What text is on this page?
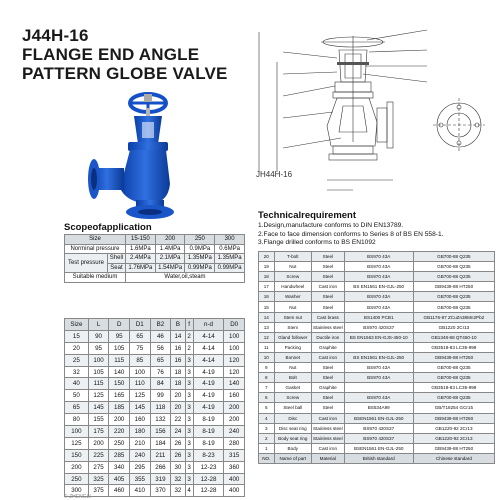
J44H-16
FLANGE END ANGLE
PATTERN GLOBE VALVE
JH44H-16
Scopeofapplication
Size		15-150	200	250	300
Norminal pressure		1.6MPa	1.4MPa	0.9MPa	0.6MPa
Test pressure	Shell	2.4MPa	2.1MPa	1.35MPa	1.35MPa
	Seat	1.76MPa	1.54MPa	0.99MPa	0.99MPa
Suitable medium		Water,oil,steam			
Size	L	D	D1	B2	B	f	n-d	D0
15	90	95	65	46	14	2	4-14	100
20	95	105	75	56	16	2	4-14	100
25	100	115	85	65	16	3	4-14	120
32	105	140	100	76	18	3	4-19	120
40	115	150	110	84	18	3	4-19	140
50	125	165	125	99	20	3	4-19	160
65	145	185	145	118	20	3	4-19	200
80	155	200	160	132	22	3	8-19	200
100	175	220	180	156	24	3	8-19	240
125	200	250	210	184	26	3	8-19	280
150	225	285	240	211	26	3	8-23	315
200	275	340	295	266	30	3	12-23	360
250	325	405	355	319	32	3	12-28	400
300	375	460	410	370	32	4	12-28	400
Technicalrequirement
1.Design,manufacture conforms to DIN EN13789.
2.Face to face dimension conforms to Series 8 of BS EN 558-1.
3.Flange drilled conforms to BS EN1092
20	T-bolt	Steel	BS970 43A	GB700-88 Q235
19	Nut	Steel	BS970 43A	GB700-88 Q235
18	Screw	Steel	BS970 43A	GB700-88 Q235
17	Handwheel	Cast iron	BS EN1561 EN-GJL-250	GB9439-88 HT250
16	Washer	Steel	BS970 43A	GB700-88 Q235
15	Nut	Steel	BS970 43A	GB700-88 Q235
14	Stem nut	Cast brass	BS1400 PCB1	GB1176-87 ZCuZn38Mn2Pb2
13	Stem	Stainless steel	BS970 420S37	GB1220 2Cr13
12	Gland follower	Ductile iron	BS EN1563 EN-GJS-450-10	GB1348-88 QT450-10
11	Packing	Graphite		GB3518-83 LC35-999
10	Bonnet	Cast iron	BS EN1561 EN-GJL-250	GB9439-88 HT250
9	Nut	Steel	BS970 43A	GB700-88 Q235
8	Bolt	Steel	BS970 43A	GB700-88 Q235
7	Gasket	Graphite		GB3518-83 LC35-999
6	Screw	Steel	BS970 43A	GB700-88 Q235
5	Steel ball	Steel	BS534A99	GB/T18254 GCr15
4	Disc	Cast iron	BSEN1561 EN-GJL-250	GB9439-88 HT250
3	Disc seat ring	Stainless steel	BS970 420S37	GB1220-92 2Cr13
2	Body seat ring	Stainless steel	BS970 420S37	GB1220-92 2Cr13
1	Body	Cast iron	BSEN1561 EN-GJL-250	GB9439-88 HT250
NO.	Name of part	Material	British standard	Chinese standard
© ZHENGLI
